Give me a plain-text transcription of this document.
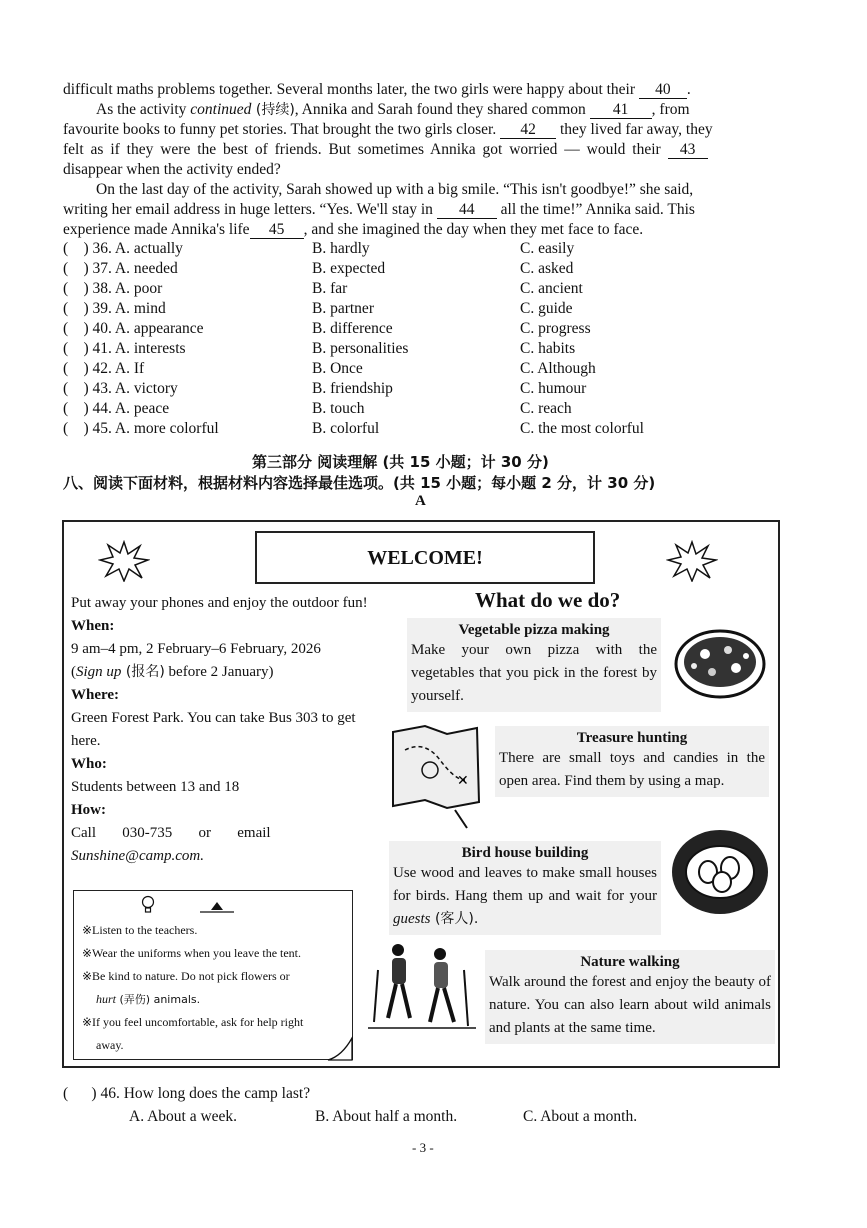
difficult maths problems together. Several months later, the two girls were happy about their 40 .
As the activity continued (持续), Annika and Sarah found they shared common 41 , from
favourite books to funny pet stories. That brought the two girls closer. 42 they lived far away, they
felt as if they were the best of friends. But sometimes Annika got worried — would their 43
disappear when the activity ended?
On the last day of the activity, Sarah showed up with a big smile. “This isn't goodbye!” she said,
writing her email address in huge letters. “Yes. We'll stay in 44 all the time!” Annika said. This
experience made Annika's life 45 , and she imagined the day when they met face to face.
( ) 36. A. actually	B. hardly	C. easily
( ) 37. A. needed	B. expected	C. asked
( ) 38. A. poor	B. far	C. ancient
( ) 39. A. mind	B. partner	C. guide
( ) 40. A. appearance	B. difference	C. progress
( ) 41. A. interests	B. personalities	C. habits
( ) 42. A. If	B. Once	C. Although
( ) 43. A. victory	B. friendship	C. humour
( ) 44. A. peace	B. touch	C. reach
( ) 45. A. more colorful	B. colorful	C. the most colorful
第三部分 阅读理解 (共 15 小题；计 30 分)
八、阅读下面材料，根据材料内容选择最佳选项。(共 15 小题；每小题 2 分，计 30 分)
A
WELCOME!
Put away your phones and enjoy the outdoor fun!
When:
9 am–4 pm, 2 February–6 February, 2026
(Sign up (报名) before 2 January)
Where:
Green Forest Park. You can take Bus 303 to get here.
Who:
Students between 13 and 18
How:
Call       030-735       or       email
Sunshine@camp.com.
※Listen to the teachers.
※Wear the uniforms when you leave the tent.
※Be kind to nature. Do not pick flowers or
hurt (弄伤) animals.
※If you feel uncomfortable, ask for help right
away.
What do we do?
Vegetable pizza making
Make your own pizza with the vegetables that you pick in the forest by yourself.
✕
Treasure hunting
There are small toys and candies in the open area. Find them by using a map.
Bird house building
Use wood and leaves to make small houses for birds. Hang them up and wait for your guests (客人).
Nature walking
Walk around the forest and enjoy the beauty of nature. You can also learn about wild animals and plants at the same time.
(      ) 46. How long does the camp last?
A. About a week.	B. About half a month.	C. About a month.
- 3 -
